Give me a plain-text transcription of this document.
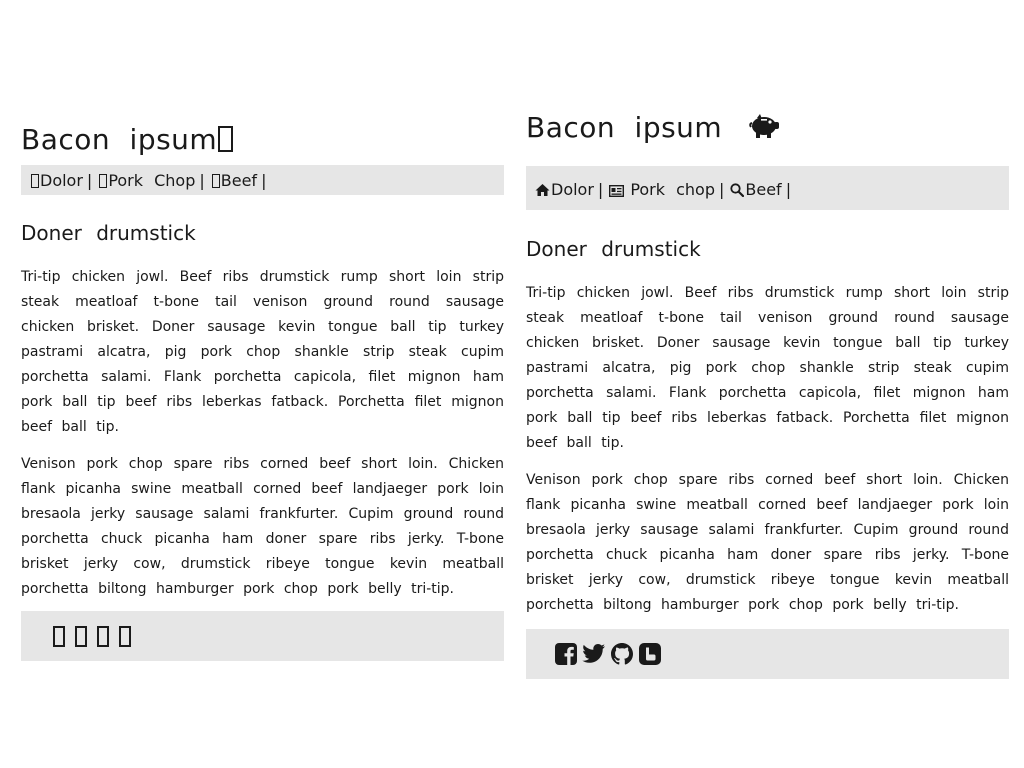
Bacon ipsum
Dolor | Pork Chop | Beef |
Doner drumstick

Tri-tip chicken jowl. Beef ribs drumstick rump short loin strip steak meatloaf t-bone tail venison ground round sausage chicken brisket. Doner sausage kevin tongue ball tip turkey pastrami alcatra, pig pork chop shankle strip steak cupim porchetta salami. Flank porchetta capicola, filet mignon ham pork ball tip beef ribs leberkas fatback. Porchetta filet mignon beef ball tip.

Venison pork chop spare ribs corned beef short loin. Chicken flank picanha swine meatball corned beef landjaeger pork loin bresaola jerky sausage salami frankfurter. Cupim ground round porchetta chuck picanha ham doner spare ribs jerky. T-bone brisket jerky cow, drumstick ribeye tongue kevin meatball porchetta biltong hamburger pork chop pork belly tri-tip.

Bacon ipsum
Dolor | Pork chop | Beef |
Doner drumstick

Tri-tip chicken jowl. Beef ribs drumstick rump short loin strip steak meatloaf t-bone tail venison ground round sausage chicken brisket. Doner sausage kevin tongue ball tip turkey pastrami alcatra, pig pork chop shankle strip steak cupim porchetta salami. Flank porchetta capicola, filet mignon ham pork ball tip beef ribs leberkas fatback. Porchetta filet mignon beef ball tip.

Venison pork chop spare ribs corned beef short loin. Chicken flank picanha swine meatball corned beef landjaeger pork loin bresaola jerky sausage salami frankfurter. Cupim ground round porchetta chuck picanha ham doner spare ribs jerky. T-bone brisket jerky cow, drumstick ribeye tongue kevin meatball porchetta biltong hamburger pork chop pork belly tri-tip.
